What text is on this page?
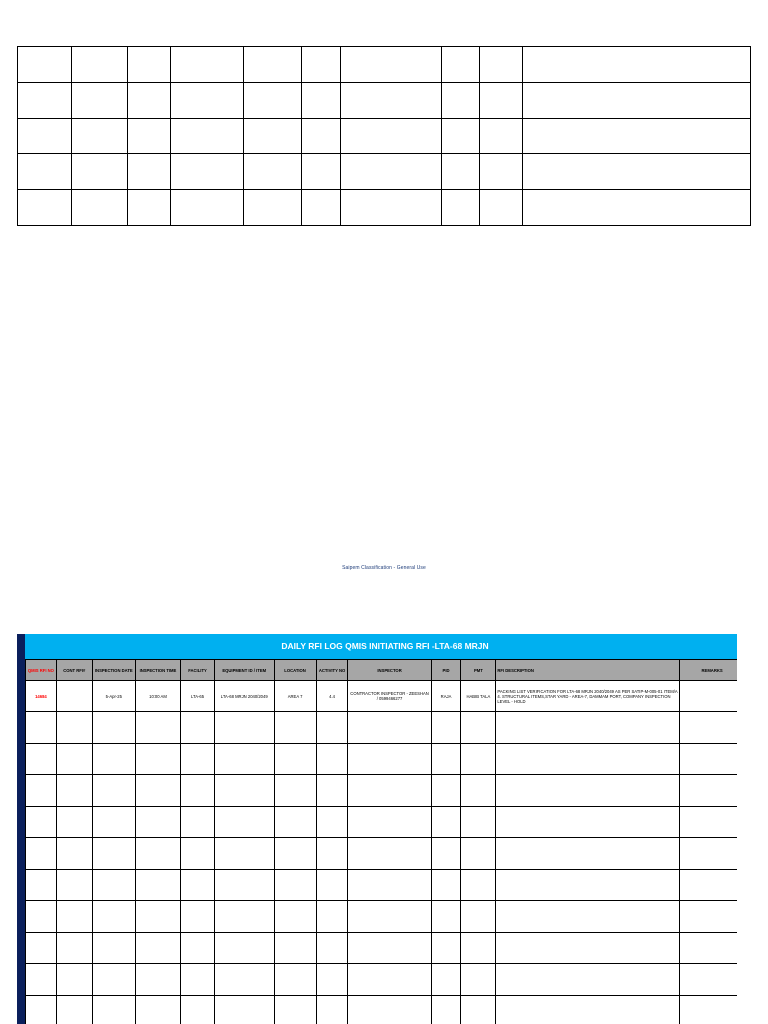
Saipem Classification - General Use
DAILY RFI LOG QMIS INITIATING RFI -LTA-68 MRJN
QMIS RFI NO	CONT RFI#	INSPECTION DATE	INSPECTION TIME	FACILITY	EQUIPMENT ID / ITEM	LOCATION	ACTIVITY NO	INSPECTOR	PID	PMT	RFI DESCRIPTION	REMARKS
14684		5-Apr-25	10:00 AM	LTA-65	LTA-68 MRJN 2040/2049	AREA 7	4.4	CONTRACTOR INSPECTOR - ZEESHAN / 0599466277	RAJA	HABIB TALA	PACKING LIST VERIFICATION FOR LTA-68 MRJN 2040/2049 AS PER SATIP-M-005-01 ITEM/A 4. STRUCTURAL ITEMS,STAR YARD - AREA-7, DAMMAM PORT, COMPANY INSPECTION LEVEL - HOLD	
